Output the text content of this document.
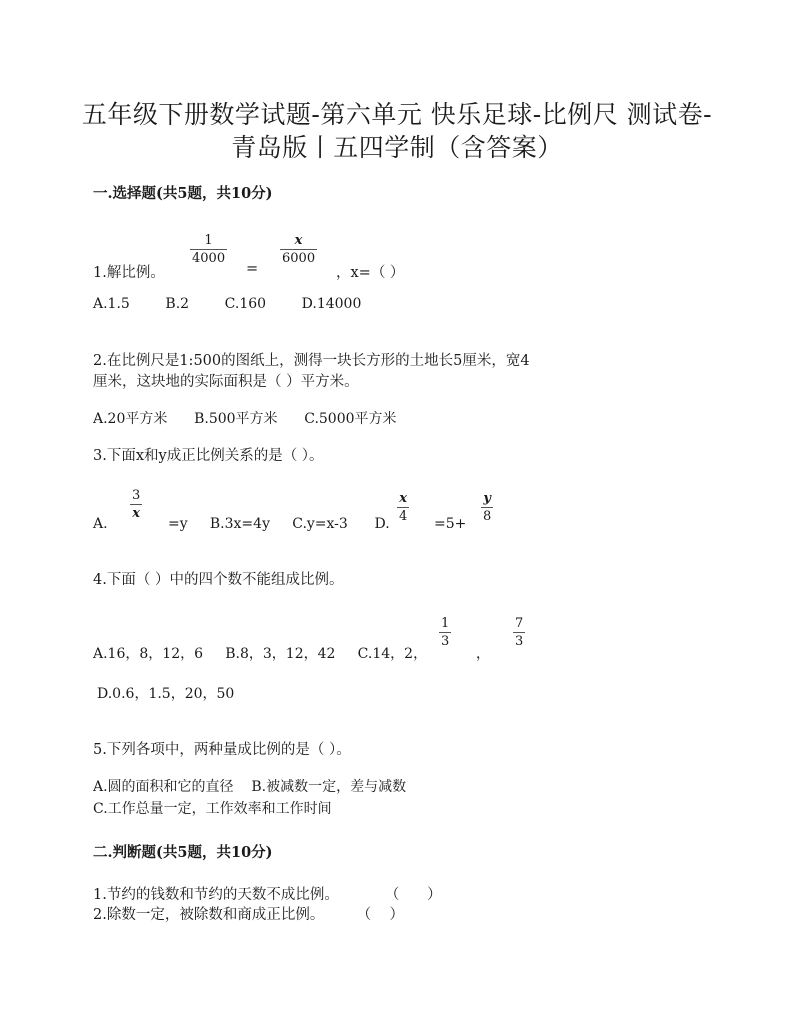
五年级下册数学试题-第六单元 快乐足球-比例尺 测试卷-
青岛版丨五四学制（含答案）
一.选择题(共5题，共10分)
1.解比例。
1
4000
=
x
6000
，x=（ ）
A.1.5        B.2        C.160        D.14000
2.在比例尺是1:500的图纸上，测得一块长方形的土地长5厘米，宽4
厘米，这块地的实际面积是（ ）平方米。
A.20平方米      B.500平方米      C.5000平方米
3.下面x和y成正比例关系的是（ ）。
A.
3
x
=y     B.3x=4y     C.y=x-3      D.
x
4 =5+
y
8
4.下面（ ）中的四个数不能组成比例。
A.16，8，12，6     B.8，3，12，42     C.14，2，
1
3
，
7
3
D.0.6，1.5，20，50
5.下列各项中，两种量成比例的是（ ）。
A.圆的面积和它的直径    B.被减数一定，差与减数
C.工作总量一定，工作效率和工作时间
二.判断题(共5题，共10分)
1.节约的钱数和节约的天数不成比例。          （      ）
2.除数一定，被除数和商成正比例。       （    ）
